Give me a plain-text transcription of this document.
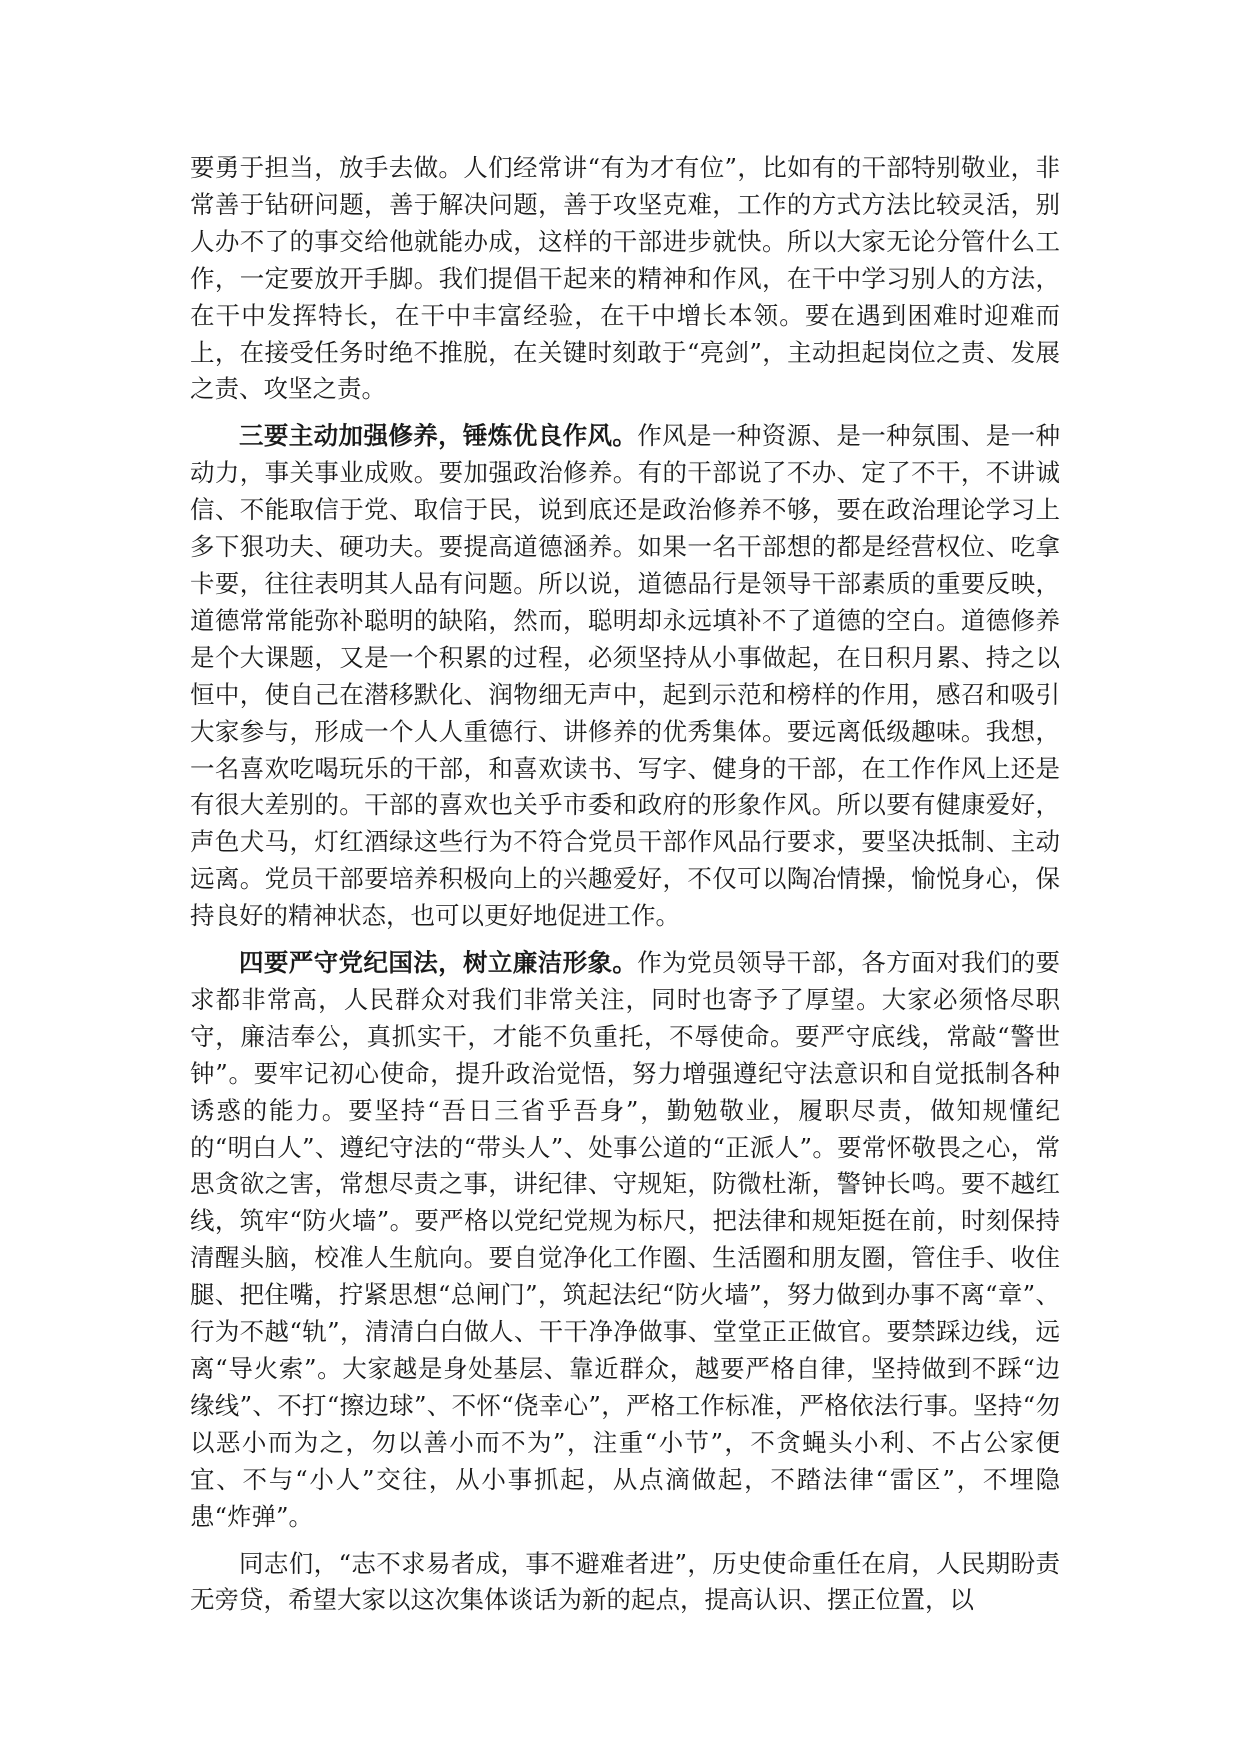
要勇于担当，放手去做。人们经常讲“有为才有位”，比如有的干部特别敬业，非常善于钻研问题，善于解决问题，善于攻坚克难，工作的方式方法比较灵活，别人办不了的事交给他就能办成，这样的干部进步就快。所以大家无论分管什么工作，一定要放开手脚。我们提倡干起来的精神和作风，在干中学习别人的方法，在干中发挥特长，在干中丰富经验，在干中增长本领。要在遇到困难时迎难而上，在接受任务时绝不推脱，在关键时刻敢于“亮剑”，主动担起岗位之责、发展之责、攻坚之责。

三要主动加强修养，锤炼优良作风。作风是一种资源、是一种氛围、是一种动力，事关事业成败。要加强政治修养。有的干部说了不办、定了不干，不讲诚信、不能取信于党、取信于民，说到底还是政治修养不够，要在政治理论学习上多下狠功夫、硬功夫。要提高道德涵养。如果一名干部想的都是经营权位、吃拿卡要，往往表明其人品有问题。所以说，道德品行是领导干部素质的重要反映，道德常常能弥补聪明的缺陷，然而，聪明却永远填补不了道德的空白。道德修养是个大课题，又是一个积累的过程，必须坚持从小事做起，在日积月累、持之以恒中，使自己在潜移默化、润物细无声中，起到示范和榜样的作用，感召和吸引大家参与，形成一个人人重德行、讲修养的优秀集体。要远离低级趣味。我想，一名喜欢吃喝玩乐的干部，和喜欢读书、写字、健身的干部，在工作作风上还是有很大差别的。干部的喜欢也关乎市委和政府的形象作风。所以要有健康爱好，声色犬马，灯红酒绿这些行为不符合党员干部作风品行要求，要坚决抵制、主动远离。党员干部要培养积极向上的兴趣爱好，不仅可以陶冶情操，愉悦身心，保持良好的精神状态，也可以更好地促进工作。

四要严守党纪国法，树立廉洁形象。作为党员领导干部，各方面对我们的要求都非常高，人民群众对我们非常关注，同时也寄予了厚望。大家必须恪尽职守，廉洁奉公，真抓实干，才能不负重托，不辱使命。要严守底线，常敲“警世钟”。要牢记初心使命，提升政治觉悟，努力增强遵纪守法意识和自觉抵制各种诱惑的能力。要坚持“吾日三省乎吾身”，勤勉敬业，履职尽责，做知规懂纪的“明白人”、遵纪守法的“带头人”、处事公道的“正派人”。要常怀敬畏之心，常思贪欲之害，常想尽责之事，讲纪律、守规矩，防微杜渐，警钟长鸣。要不越红线，筑牢“防火墙”。要严格以党纪党规为标尺，把法律和规矩挺在前，时刻保持清醒头脑，校准人生航向。要自觉净化工作圈、生活圈和朋友圈，管住手、收住腿、把住嘴，拧紧思想“总闸门”，筑起法纪“防火墙”，努力做到办事不离“章”、行为不越“轨”，清清白白做人、干干净净做事、堂堂正正做官。要禁踩边线，远离“导火索”。大家越是身处基层、靠近群众，越要严格自律，坚持做到不踩“边缘线”、不打“擦边球”、不怀“侥幸心”，严格工作标准，严格依法行事。坚持“勿以恶小而为之，勿以善小而不为”，注重“小节”，不贪蝇头小利、不占公家便宜、不与“小人”交往，从小事抓起，从点滴做起，不踏法律“雷区”，不埋隐患“炸弹”。

同志们，“志不求易者成，事不避难者进”，历史使命重任在肩，人民期盼责无旁贷，希望大家以这次集体谈话为新的起点，提高认识、摆正位置，以
